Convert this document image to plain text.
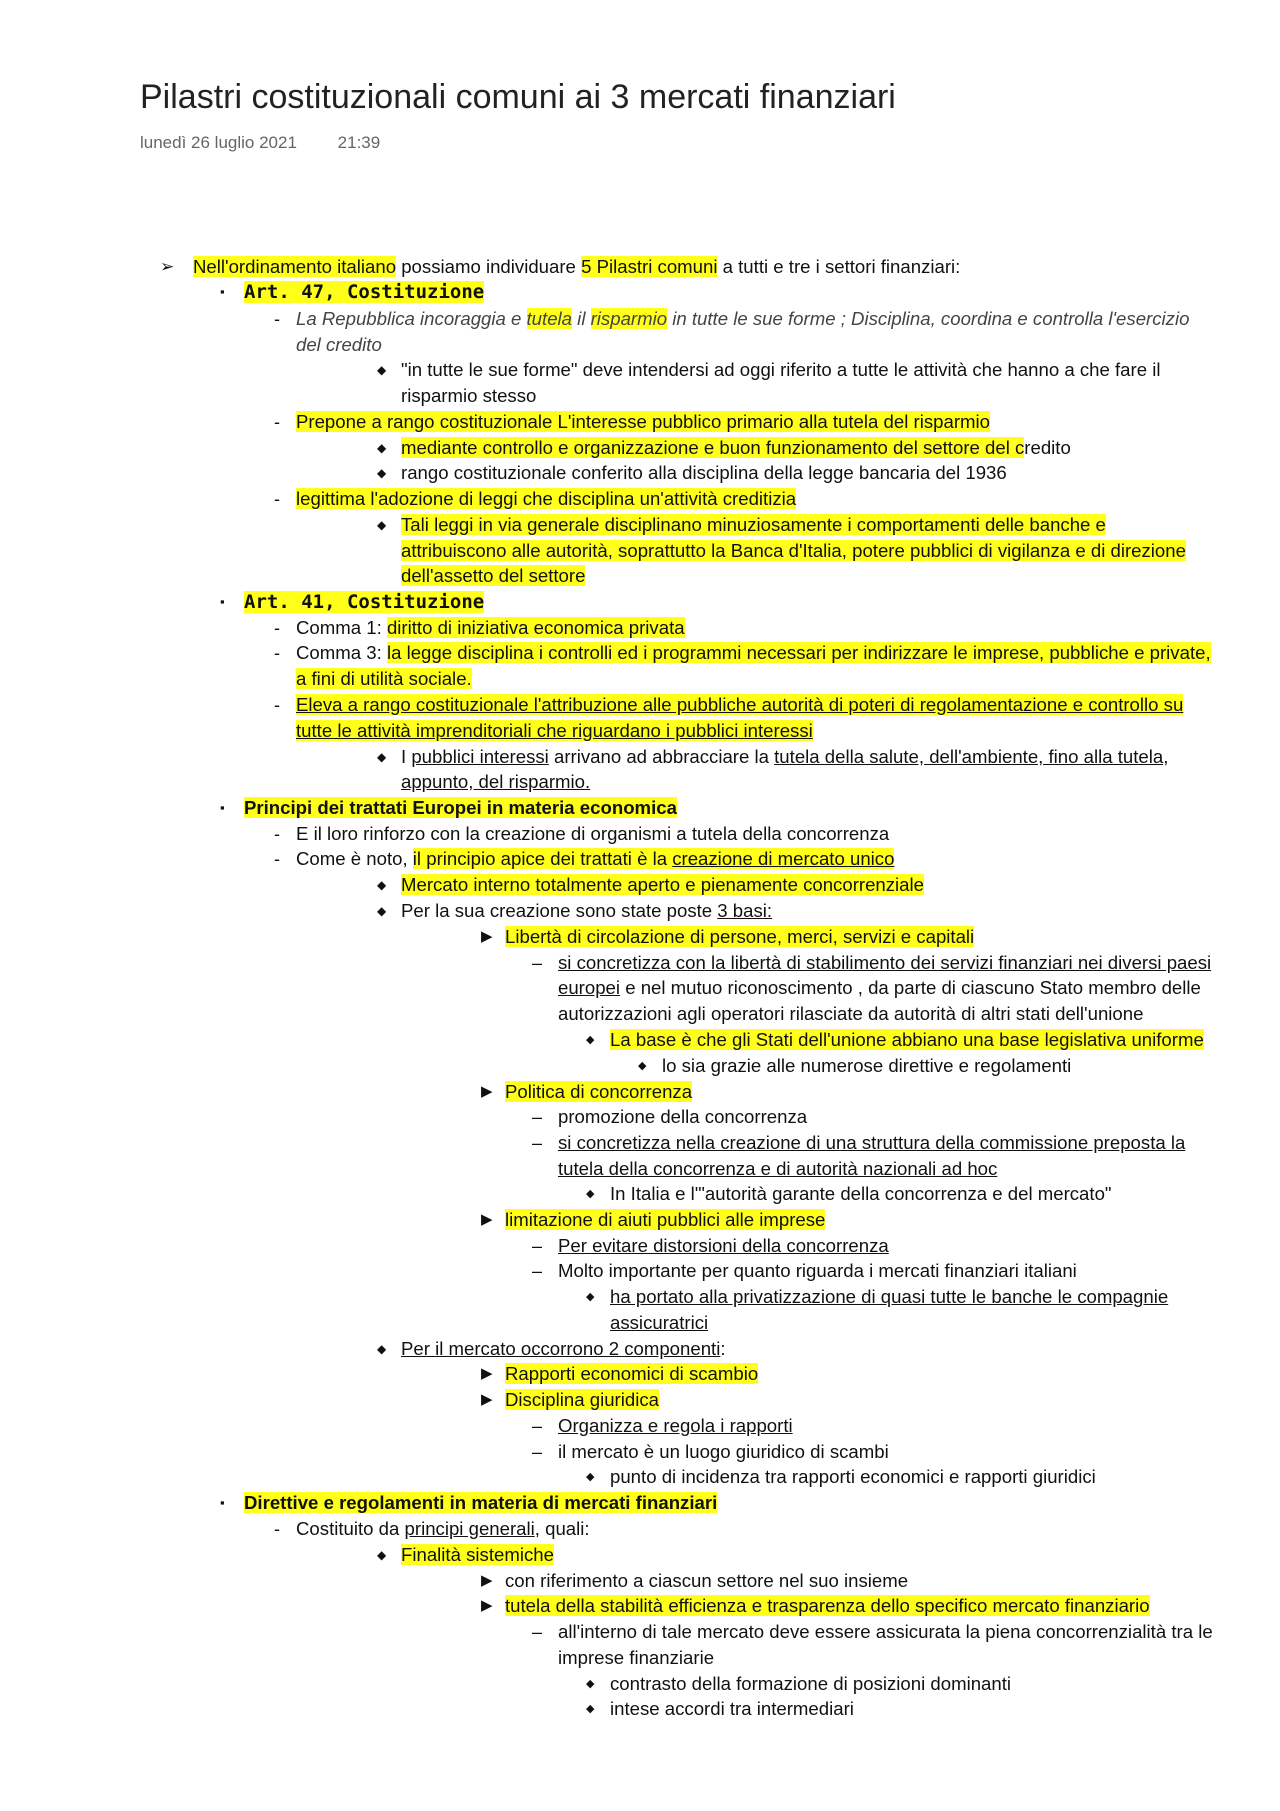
Pilastri costituzionali comuni ai 3 mercati finanziari
lunedì 26 luglio 2021 21:39
➢ Nell'ordinamento italiano possiamo individuare 5 Pilastri comuni a tutti e tre i settori finanziari:
▪ Art. 47, Costituzione
- La Repubblica incoraggia e tutela il risparmio in tutte le sue forme ; Disciplina, coordina e controlla l'esercizio
del credito
◆ "in tutte le sue forme" deve intendersi ad oggi riferito a tutte le attività che hanno a che fare il
risparmio stesso
- Prepone a rango costituzionale L'interesse pubblico primario alla tutela del risparmio
◆ mediante controllo e organizzazione e buon funzionamento del settore del credito
◆ rango costituzionale conferito alla disciplina della legge bancaria del 1936
- legittima l'adozione di leggi che disciplina un'attività creditizia
◆ Tali leggi in via generale disciplinano minuziosamente i comportamenti delle banche e
attribuiscono alle autorità, soprattutto la Banca d'Italia, potere pubblici di vigilanza e di direzione
dell'assetto del settore
▪ Art. 41, Costituzione
- Comma 1: diritto di iniziativa economica privata
- Comma 3: la legge disciplina i controlli ed i programmi necessari per indirizzare le imprese, pubbliche e private,
a fini di utilità sociale.
- Eleva a rango costituzionale l'attribuzione alle pubbliche autorità di poteri di regolamentazione e controllo su
tutte le attività imprenditoriali che riguardano i pubblici interessi
◆ I pubblici interessi arrivano ad abbracciare la tutela della salute, dell'ambiente, fino alla tutela,
appunto, del risparmio.
▪ Principi dei trattati Europei in materia economica
- E il loro rinforzo con la creazione di organismi a tutela della concorrenza
- Come è noto, il principio apice dei trattati è la creazione di mercato unico
◆ Mercato interno totalmente aperto e pienamente concorrenziale
◆ Per la sua creazione sono state poste 3 basi:
▶ Libertà di circolazione di persone, merci, servizi e capitali
– si concretizza con la libertà di stabilimento dei servizi finanziari nei diversi paesi
europei e nel mutuo riconoscimento , da parte di ciascuno Stato membro delle
autorizzazioni agli operatori rilasciate da autorità di altri stati dell'unione
◆ La base è che gli Stati dell'unione abbiano una base legislativa uniforme
◆ lo sia grazie alle numerose direttive e regolamenti
▶ Politica di concorrenza
– promozione della concorrenza
– si concretizza nella creazione di una struttura della commissione preposta la
tutela della concorrenza e di autorità nazionali ad hoc
◆ In Italia e l'"autorità garante della concorrenza e del mercato"
▶ limitazione di aiuti pubblici alle imprese
– Per evitare distorsioni della concorrenza
– Molto importante per quanto riguarda i mercati finanziari italiani
◆ ha portato alla privatizzazione di quasi tutte le banche le compagnie
assicuratrici
◆ Per il mercato occorrono 2 componenti:
▶ Rapporti economici di scambio
▶ Disciplina giuridica
– Organizza e regola i rapporti
– il mercato è un luogo giuridico di scambi
◆ punto di incidenza tra rapporti economici e rapporti giuridici
▪ Direttive e regolamenti in materia di mercati finanziari
- Costituito da principi generali, quali:
◆ Finalità sistemiche
▶ con riferimento a ciascun settore nel suo insieme
▶ tutela della stabilità efficienza e trasparenza dello specifico mercato finanziario
– all'interno di tale mercato deve essere assicurata la piena concorrenzialità tra le
imprese finanziarie
◆ contrasto della formazione di posizioni dominanti
◆ intese accordi tra intermediari
